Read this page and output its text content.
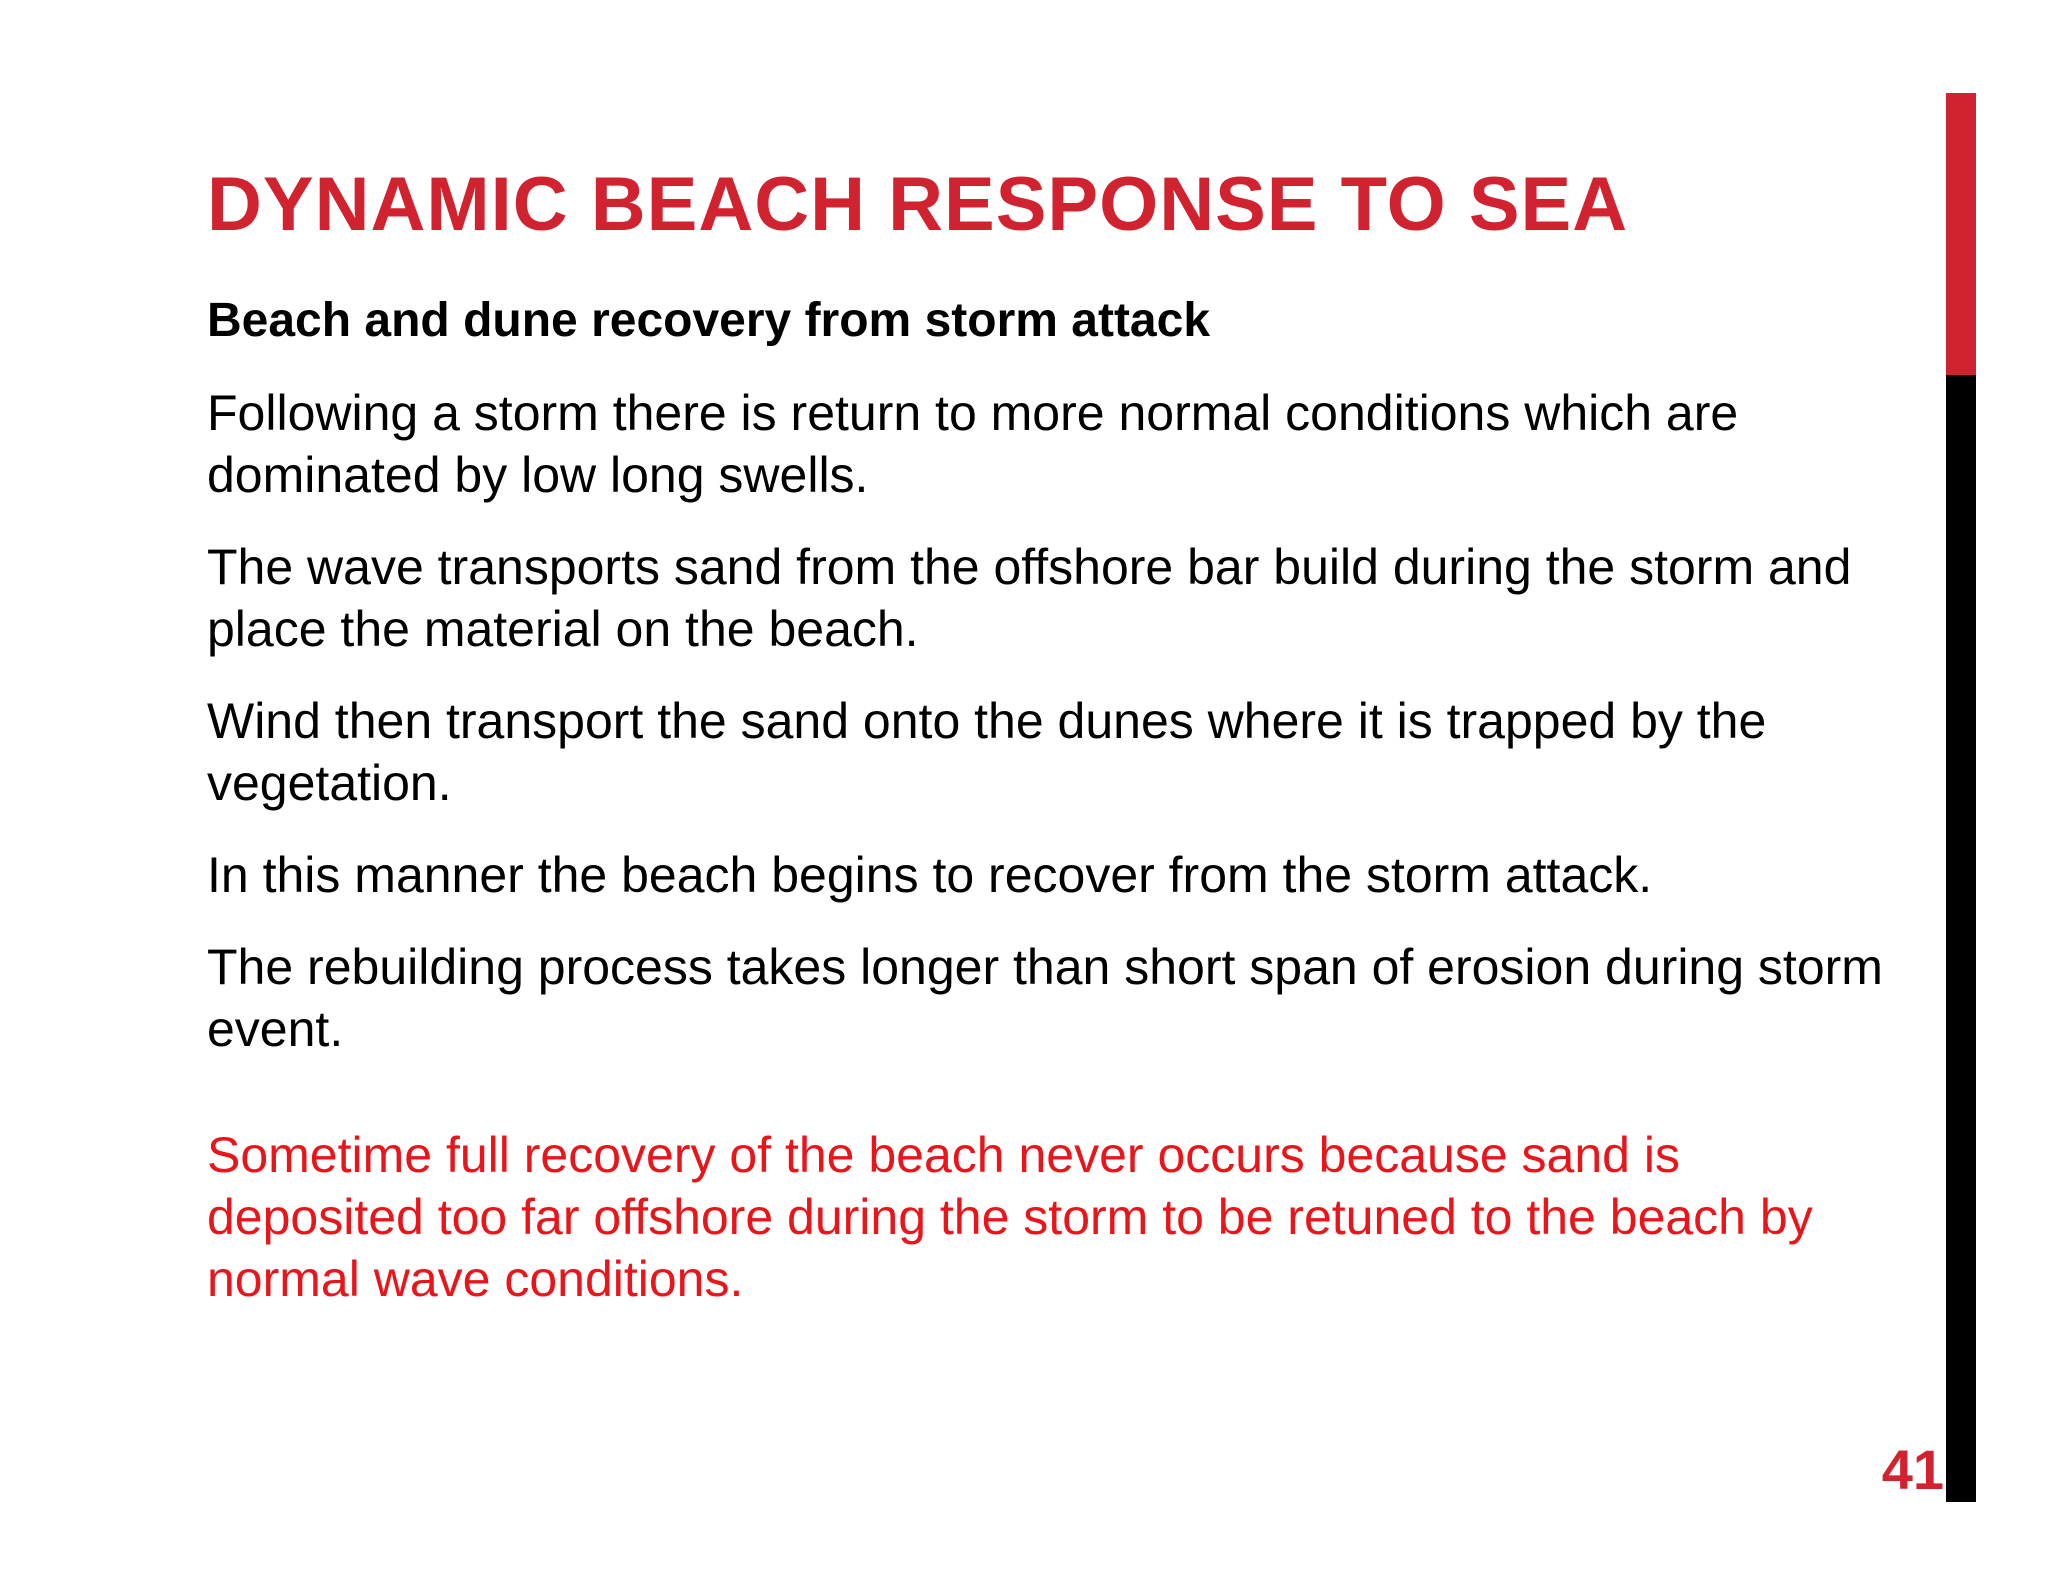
DYNAMIC BEACH RESPONSE TO SEA

Beach and dune recovery from storm attack

Following a storm there is return to more normal conditions which are dominated by low long swells.

The wave transports sand from the offshore bar build during the storm and place the material on the beach.

Wind then transport the sand onto the dunes where it is trapped by the vegetation.

In this manner the beach begins to recover from the storm attack.

The rebuilding process takes longer than short span of erosion during storm event.

Sometime full recovery of the beach never occurs because sand is deposited too far offshore during the storm to be retuned to the beach by normal wave conditions.

41
